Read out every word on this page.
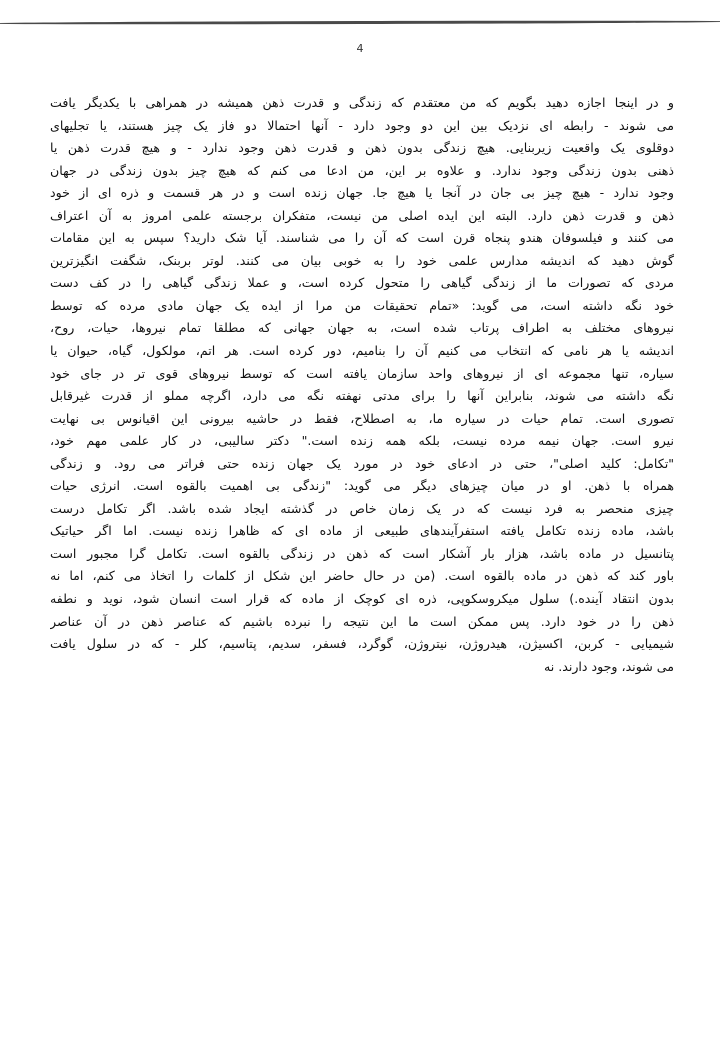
4
و در اینجا اجازه دهید بگویم که من معتقدم که زندگی و قدرت ذهن همیشه در همراهی با یکدیگر یافت
می شوند - رابطه ای نزدیک بین این دو وجود دارد - آنها احتمالا دو فاز یک چیز هستند، یا تجلیهای
دوقلوی یک واقعیت زیربنایی. هیچ زندگی بدون ذهن و قدرت ذهن وجود ندارد - و هیچ قدرت ذهن یا
ذهنی بدون زندگی وجود ندارد. و علاوه بر این، من ادعا می کنم که هیچ چیز بدون زندگی در جهان
وجود ندارد - هیچ چیز بی جان در آنجا یا هیچ جا. جهان زنده است و در هر قسمت و ذره ای از خود
ذهن و قدرت ذهن دارد. البته این ایده اصلی من نیست، متفکران برجسته علمی امروز به آن اعتراف
می کنند و فیلسوفان هندو پنجاه قرن است که آن را می شناسند. آیا شک دارید؟ سپس به این مقامات
گوش دهید که اندیشه مدارس علمی خود را به خوبی بیان می کنند. لوتر بربنک، شگفت انگیزترین
مردی که تصورات ما از زندگی گیاهی را متحول کرده است، و عملا زندگی گیاهی را در کف دست
خود نگه داشته است، می گوید: «تمام تحقیقات من مرا از ایده یک جهان مادی مرده که توسط
نیروهای مختلف به اطراف پرتاب شده است، به جهان جهانی که مطلقا تمام نیروها، حیات، روح،
اندیشه یا هر نامی که انتخاب می کنیم آن را بنامیم، دور کرده است. هر اتم، مولکول، گیاه، حیوان یا
سیاره، تنها مجموعه ای از نیروهای واحد سازمان یافته است که توسط نیروهای قوی تر در جای خود
نگه داشته می شوند، بنابراین آنها را برای مدتی نهفته نگه می دارد، اگرچه مملو از قدرت غیرقابل
تصوری است. تمام حیات در سیاره ما، به اصطلاح، فقط در حاشیه بیرونی این اقیانوس بی نهایت
نیرو است. جهان نیمه مرده نیست، بلکه همه زنده است." دکتر سالیبی، در کار علمی مهم خود،
"تکامل: کلید اصلی"، حتی در ادعای خود در مورد یک جهان زنده حتی فراتر می رود. و زندگی
همراه با ذهن. او در میان چیزهای دیگر می گوید: "زندگی بی اهمیت بالقوه است. انرژی حیات
چیزی منحصر به فرد نیست که در یک زمان خاص در گذشته ایجاد شده باشد. اگر تکامل درست
باشد، ماده زنده تکامل یافته استفرآیندهای طبیعی از ماده ای که ظاهرا زنده نیست. اما اگر حیاتیک
پتانسیل در ماده باشد، هزار بار آشکار است که ذهن در زندگی بالقوه است. تکامل گرا مجبور است
باور کند که ذهن در ماده بالقوه است. (من در حال حاضر این شکل از کلمات را اتخاذ می کنم، اما نه
بدون انتقاد آینده.) سلول میکروسکوپی، ذره ای کوچک از ماده که قرار است انسان شود، نوید و نطفه
ذهن را در خود دارد. پس ممکن است ما این نتیجه را نبرده باشیم که عناصر ذهن در آن عناصر
شیمیایی - کربن، اکسیژن، هیدروژن، نیتروژن، گوگرد، فسفر، سدیم، پتاسیم، کلر - که در سلول یافت
می شوند، وجود دارند. نه
